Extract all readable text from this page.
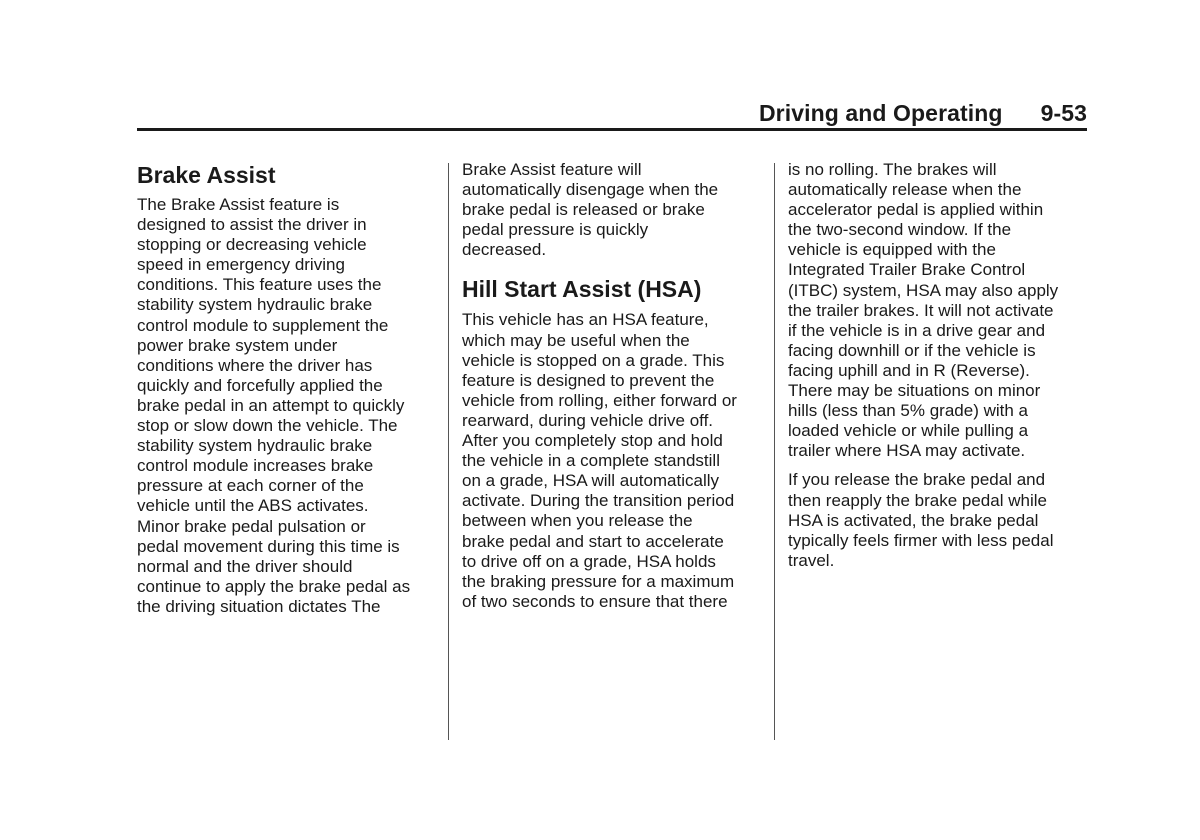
Driving and Operating 9-53
Brake Assist

The Brake Assist feature is
designed to assist the driver in
stopping or decreasing vehicle
speed in emergency driving
conditions. This feature uses the
stability system hydraulic brake
control module to supplement the
power brake system under
conditions where the driver has
quickly and forcefully applied the
brake pedal in an attempt to quickly
stop or slow down the vehicle. The
stability system hydraulic brake
control module increases brake
pressure at each corner of the
vehicle until the ABS activates.
Minor brake pedal pulsation or
pedal movement during this time is
normal and the driver should
continue to apply the brake pedal as
the driving situation dictates The

Brake Assist feature will
automatically disengage when the
brake pedal is released or brake
pedal pressure is quickly
decreased.

Hill Start Assist (HSA)

This vehicle has an HSA feature,
which may be useful when the
vehicle is stopped on a grade. This
feature is designed to prevent the
vehicle from rolling, either forward or
rearward, during vehicle drive off.
After you completely stop and hold
the vehicle in a complete standstill
on a grade, HSA will automatically
activate. During the transition period
between when you release the
brake pedal and start to accelerate
to drive off on a grade, HSA holds
the braking pressure for a maximum
of two seconds to ensure that there

is no rolling. The brakes will
automatically release when the
accelerator pedal is applied within
the two-second window. If the
vehicle is equipped with the
Integrated Trailer Brake Control
(ITBC) system, HSA may also apply
the trailer brakes. It will not activate
if the vehicle is in a drive gear and
facing downhill or if the vehicle is
facing uphill and in R (Reverse).
There may be situations on minor
hills (less than 5% grade) with a
loaded vehicle or while pulling a
trailer where HSA may activate.

If you release the brake pedal and
then reapply the brake pedal while
HSA is activated, the brake pedal
typically feels firmer with less pedal
travel.
